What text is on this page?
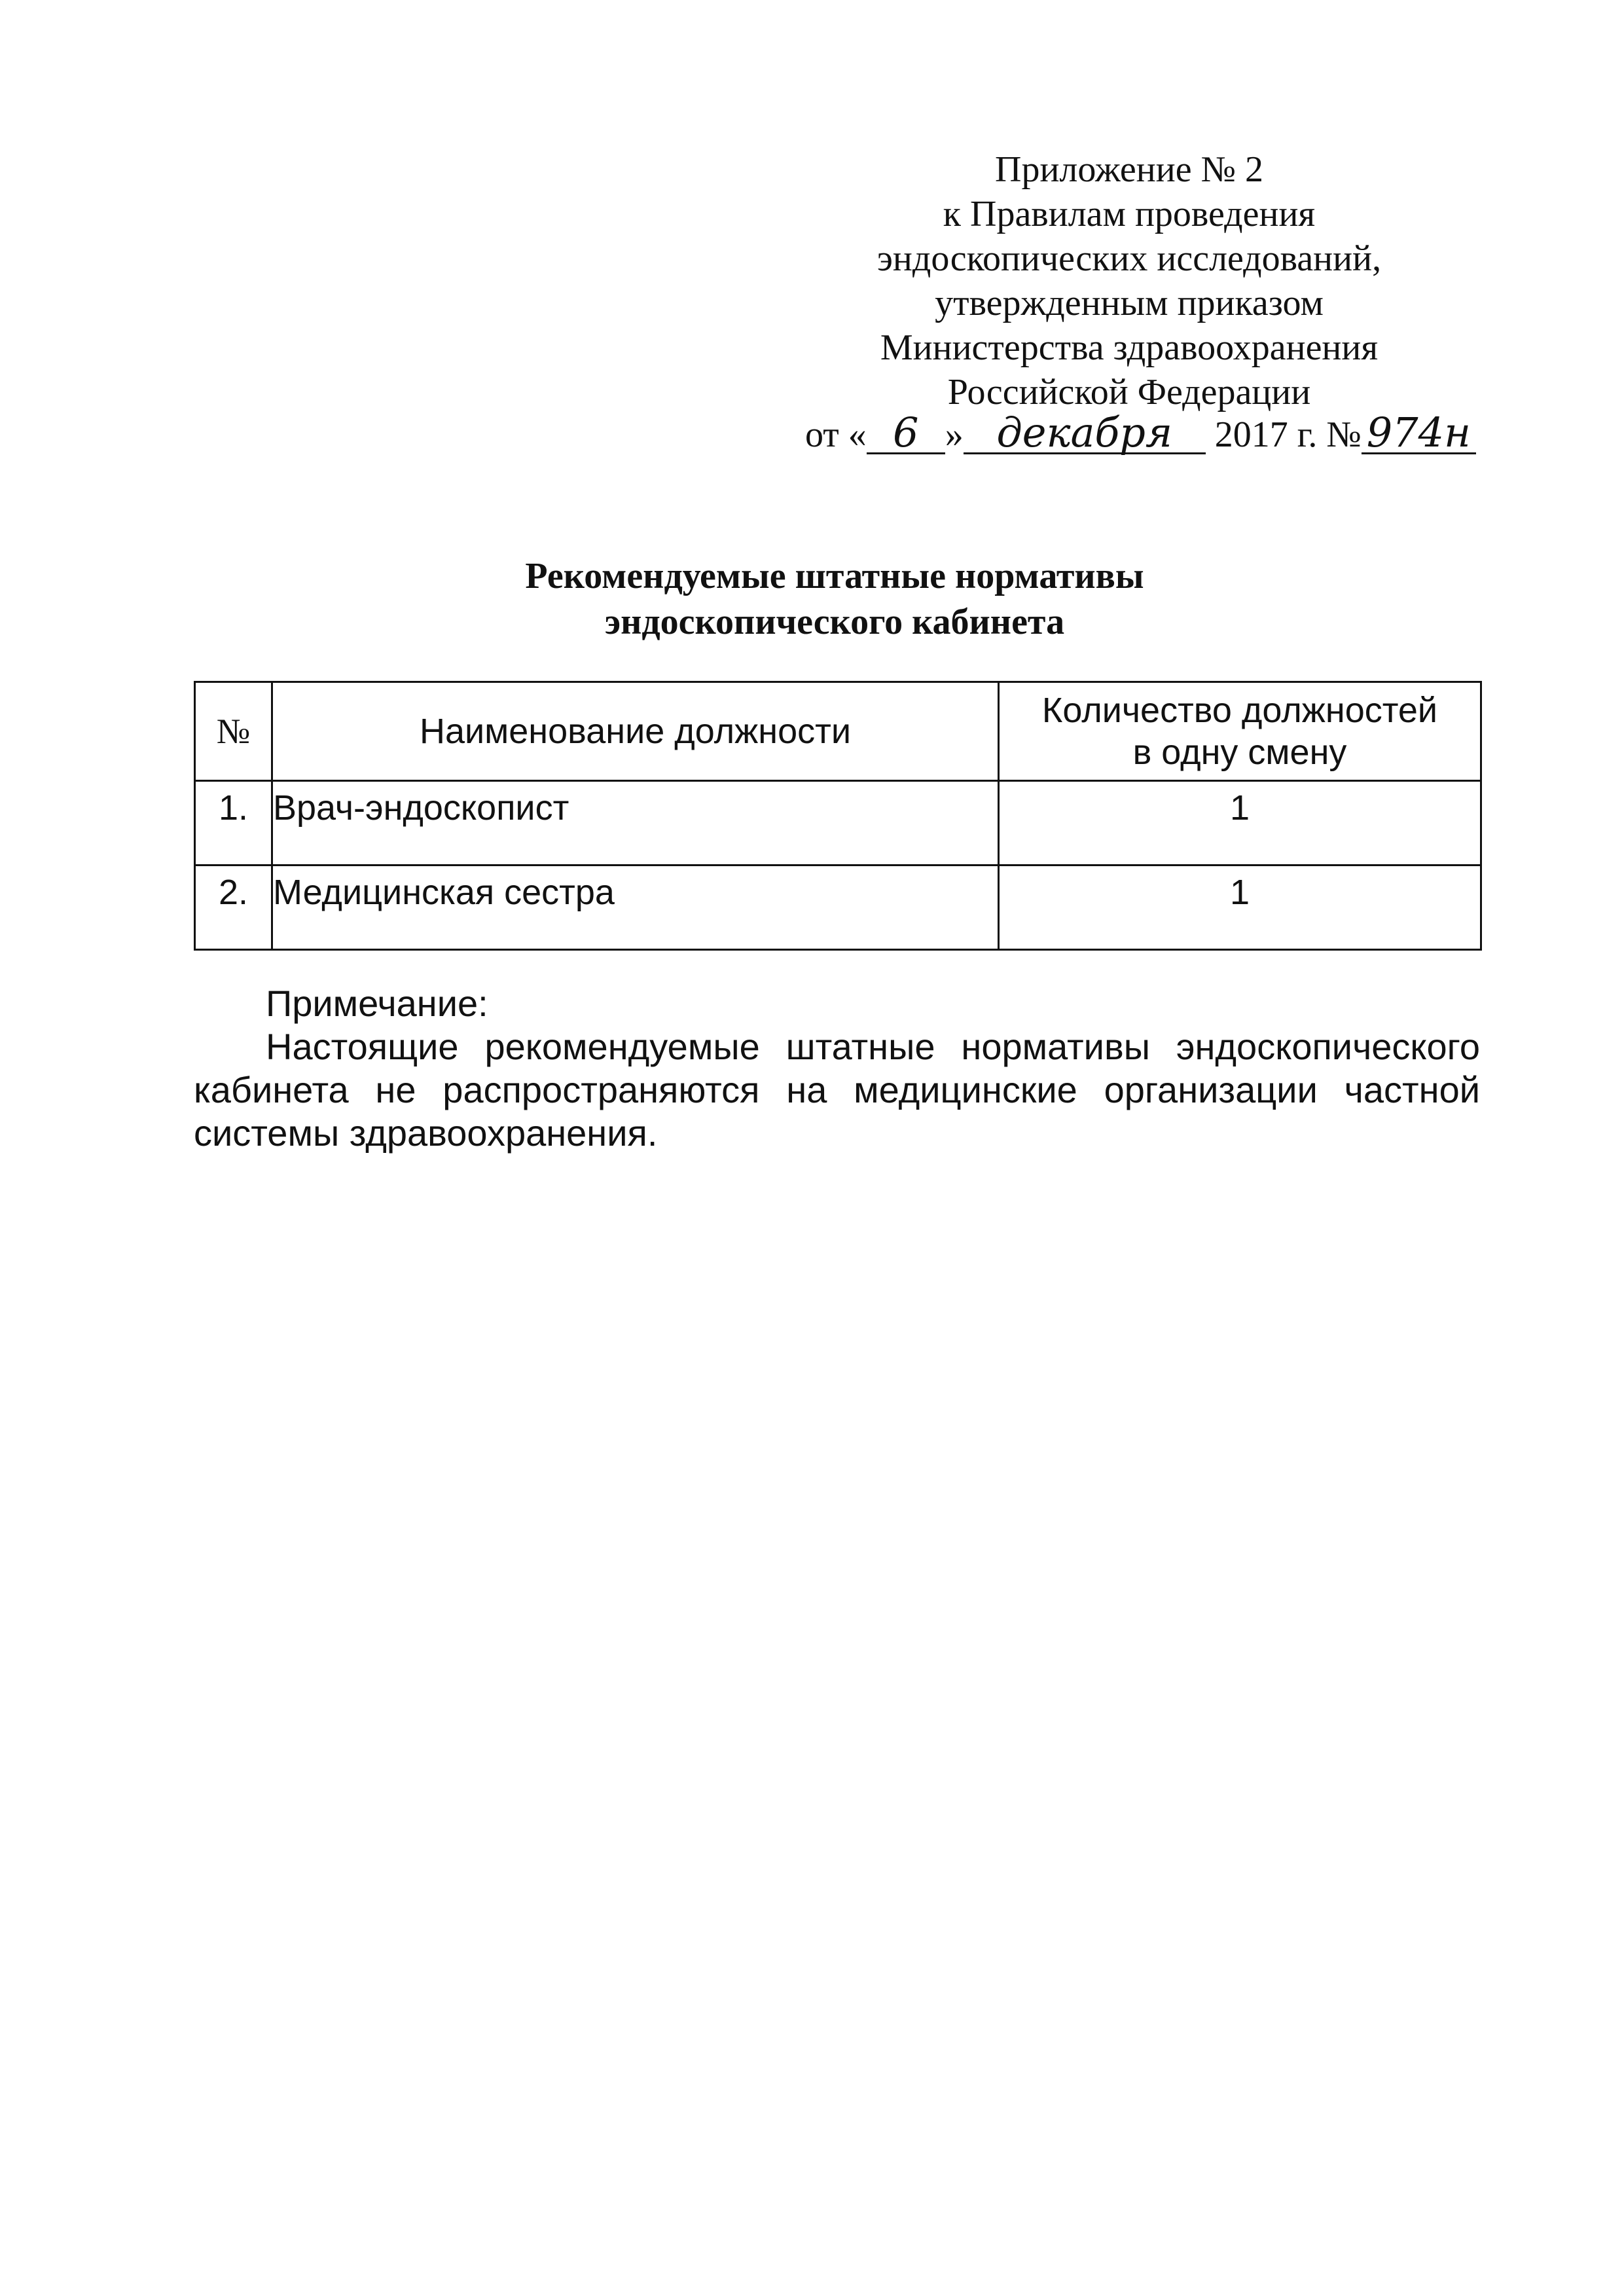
Приложение № 2
к Правилам проведения
эндоскопических исследований,
утвержденным приказом
Министерства здравоохранения
Российской Федерации
от « 6 » декабря 2017 г. № 974н
Рекомендуемые штатные нормативы
эндоскопического кабинета
№	Наименование должности	Количество должностей
в одну смену

1.	Врач-эндоскопист	1
2.	Медицинская сестра	1
Примечание:
Настоящие рекомендуемые штатные нормативы эндоскопического кабинета не распространяются на медицинские организации частной системы здравоохранения.
